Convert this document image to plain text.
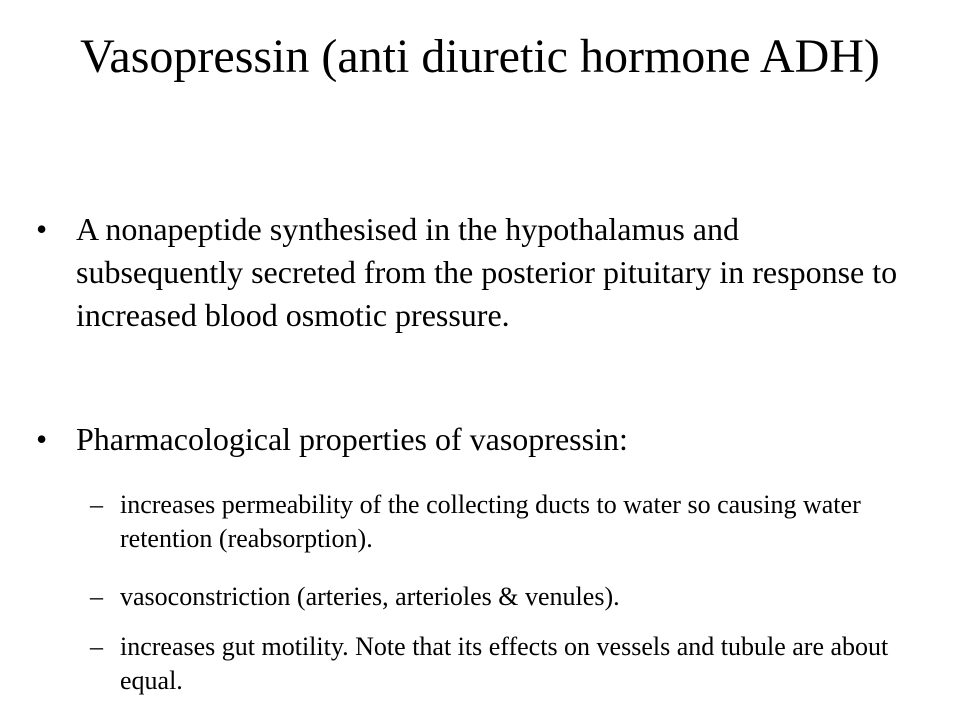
Vasopressin (anti diuretic hormone ADH)
• A nonapeptide synthesised in the hypothalamus and subsequently secreted from the posterior pituitary in response to increased blood osmotic pressure.
• Pharmacological properties of vasopressin:
– increases permeability of the collecting ducts to water so causing water retention (reabsorption).
– vasoconstriction (arteries, arterioles & venules).
– increases gut motility. Note that its effects on vessels and tubule are about equal.
